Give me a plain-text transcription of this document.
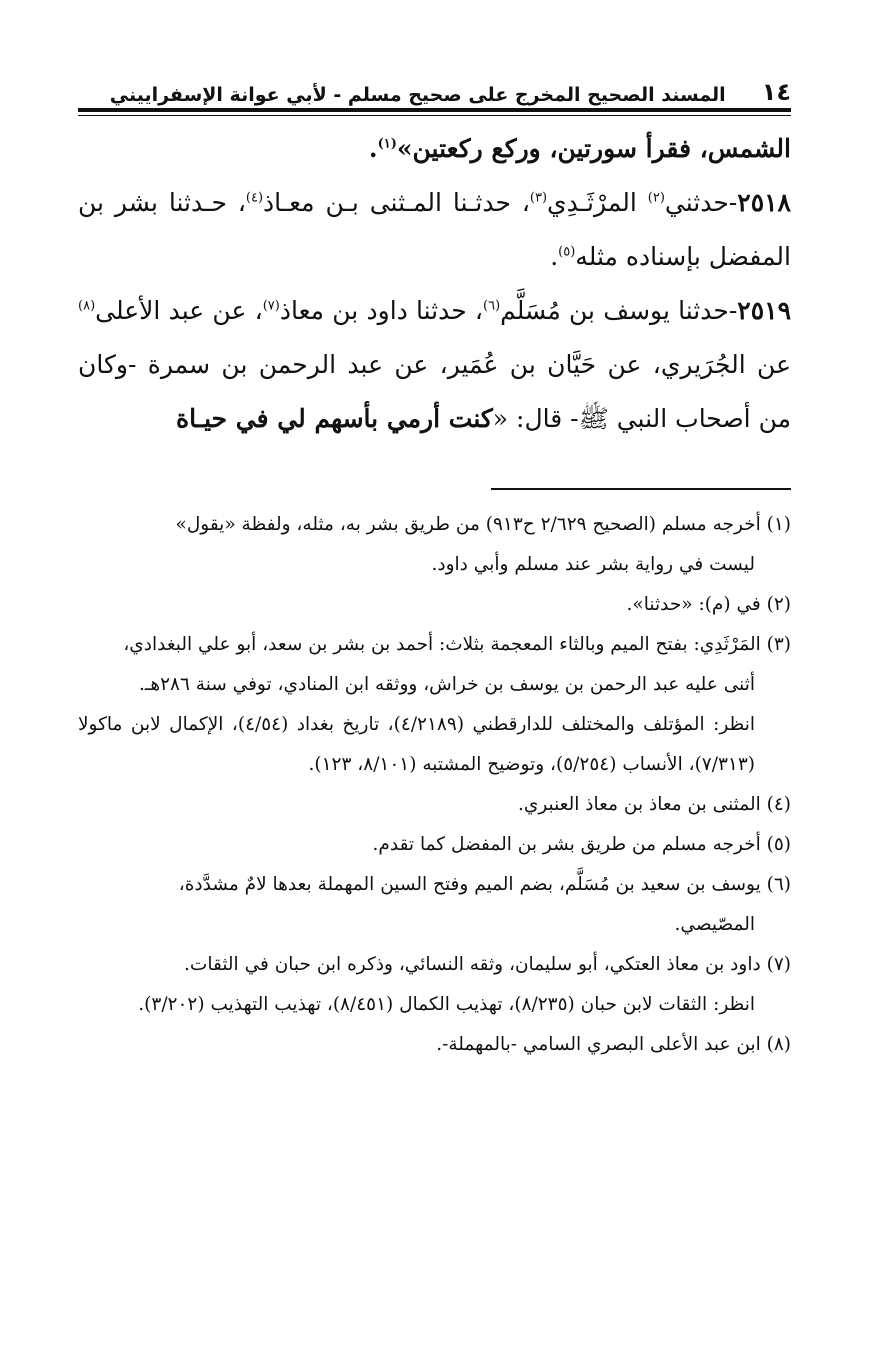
١٤
المسند الصحيح المخرج على صحيح مسلم - لأبي عوانة الإسفراييني

الشمس، فقرأ سورتين، وركع ركعتين»$^{(١)}$.

٢٥١٨-حدثني$^{(٢)}$ المرْثَـدِي$^{(٣)}$، حدثـنا المـثنى بـن معـاذ$^{(٤)}$، حـدثنا بشر بن المفضل بإسناده مثله$^{(٥)}$.

٢٥١٩-حدثنا يوسف بن مُسَلَّم$^{(٦)}$، حدثنا داود بن معاذ$^{(٧)}$، عن عبد الأعلى$^{(٨)}$ عن الجُرَيري، عن حَيَّان بن عُمَير، عن عبد الرحمن بن سمرة -وكان من أصحاب النبي ﷺ- قال: «كنت أرمي بأسهم لي في حيـاة

(١) أخرجه مسلم (الصحيح ٢/٦٢٩ ح٩١٣) من طريق بشر به، مثله، ولفظة «يقول»
ليست في رواية بشر عند مسلم وأبي داود.

(٢) في (م): «حدثنا».

(٣) المَرْثَدِي: بفتح الميم وبالثاء المعجمة بثلاث: أحمد بن بشر بن سعد، أبو علي البغدادي،
أثنى عليه عبد الرحمن بن يوسف بن خراش، ووثقه ابن المنادي، توفي سنة ٢٨٦هـ.

انظر: المؤتلف والمختلف للدارقطني (٤/٢١٨٩)، تاريخ بغداد (٤/٥٤)، الإكمال لابن ماكولا (٧/٣١٣)، الأنساب (٥/٢٥٤)، وتوضيح المشتبه (٨/١٠١، ١٢٣).

(٤) المثنى بن معاذ بن معاذ العنبري.

(٥) أخرجه مسلم من طريق بشر بن المفضل كما تقدم.

(٦) يوسف بن سعيد بن مُسَلَّم، بضم الميم وفتح السين المهملة بعدها لامٌ مشدَّدة،
المصّيصي.

(٧) داود بن معاذ العتكي، أبو سليمان، وثقه النسائي، وذكره ابن حبان في الثقات.
انظر: الثقات لابن حبان (٨/٢٣٥)، تهذيب الكمال (٨/٤٥١)، تهذيب التهذيب (٣/٢٠٢).

(٨) ابن عبد الأعلى البصري السامي -بالمهملة-.
